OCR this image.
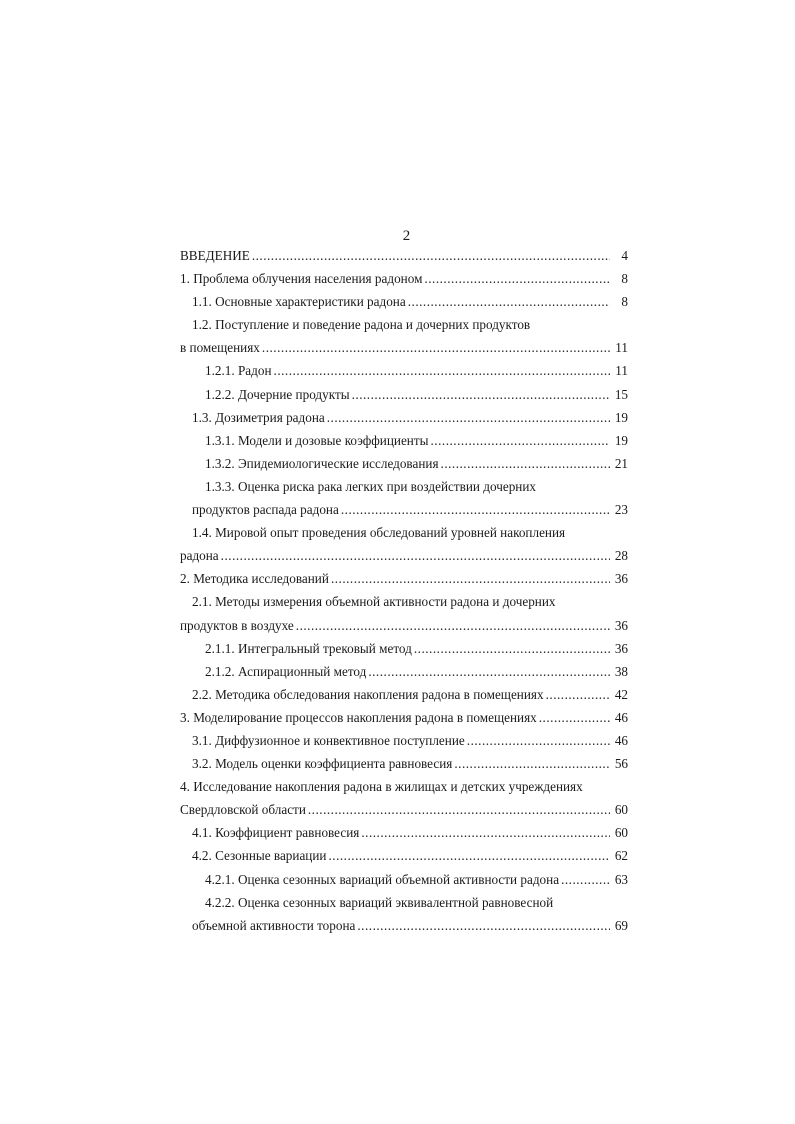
2
ВВЕДЕНИЕ .....	4
1. Проблема облучения населения радоном .....	8
1.1. Основные характеристики радона .....	8
1.2. Поступление и поведение радона и дочерних продуктов
в помещениях .....	11
1.2.1. Радон .....	11
1.2.2. Дочерние продукты .....	15
1.3. Дозиметрия радона .....	19
1.3.1. Модели и дозовые коэффициенты .....	19
1.3.2. Эпидемиологические исследования .....	21
1.3.3. Оценка риска рака легких при воздействии дочерних
продуктов распада радона .....	23
1.4. Мировой опыт проведения обследований уровней накопления
радона .....	28
2. Методика исследований .....	36
2.1. Методы измерения объемной активности радона и дочерних
продуктов в воздухе .....	36
2.1.1. Интегральный трековый метод .....	36
2.1.2. Аспирационный метод .....	38
2.2. Методика обследования накопления радона в помещениях .....	42
3. Моделирование процессов накопления радона в помещениях .....	46
3.1. Диффузионное и конвективное поступление .....	46
3.2. Модель оценки коэффициента равновесия .....	56
4. Исследование накопления радона в жилищах и детских учреждениях
Свердловской области .....	60
4.1. Коэффициент равновесия .....	60
4.2. Сезонные вариации .....	62
4.2.1. Оценка сезонных вариаций объемной активности радона .....	63
4.2.2. Оценка сезонных вариаций эквивалентной равновесной
объемной активности торона .....	69
